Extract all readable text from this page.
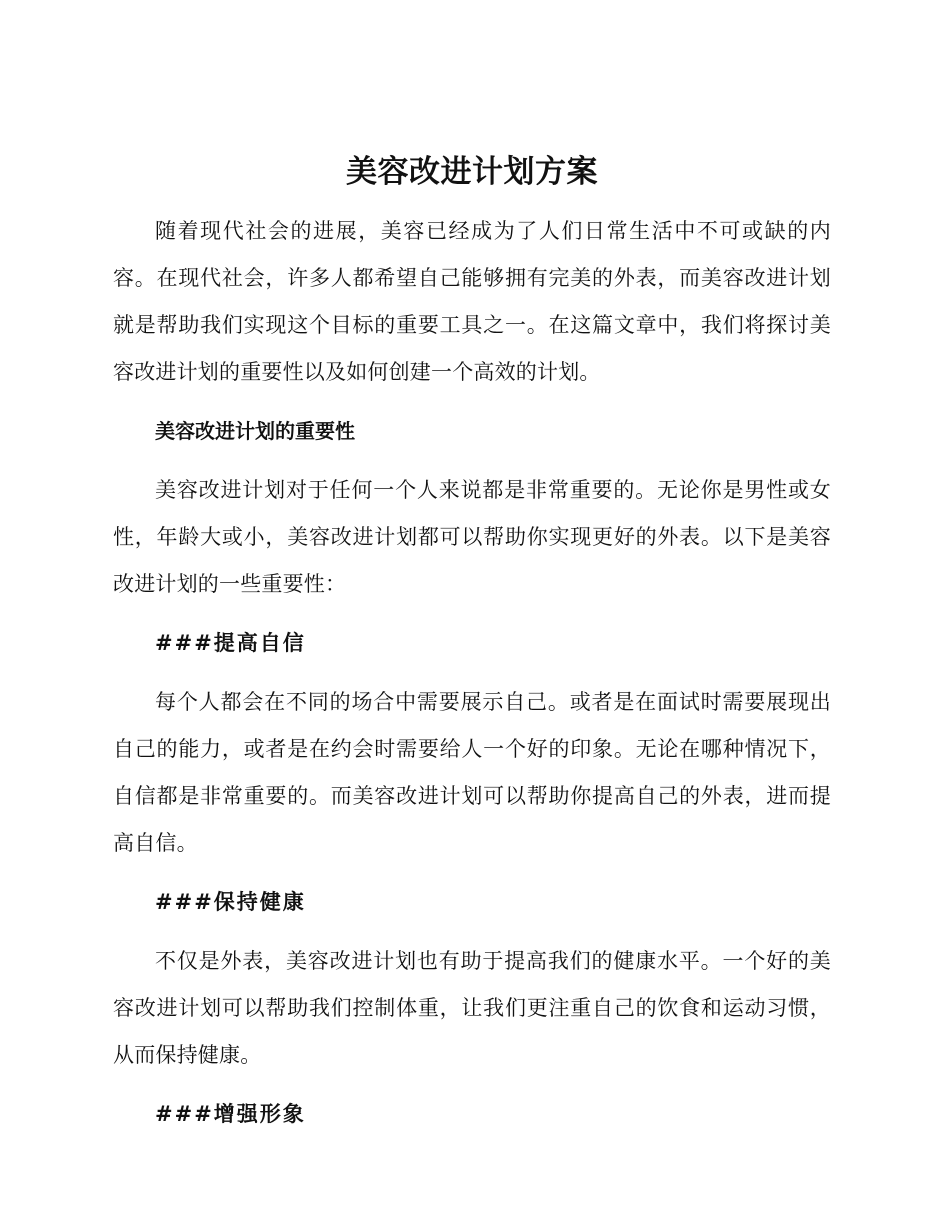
美容改进计划方案

随着现代社会的进展，美容已经成为了人们日常生活中不可或缺的内容。在现代社会，许多人都希望自己能够拥有完美的外表，而美容改进计划就是帮助我们实现这个目标的重要工具之一。在这篇文章中，我们将探讨美容改进计划的重要性以及如何创建一个高效的计划。

美容改进计划的重要性

美容改进计划对于任何一个人来说都是非常重要的。无论你是男性或女性，年龄大或小，美容改进计划都可以帮助你实现更好的外表。以下是美容改进计划的一些重要性：

###提高自信

每个人都会在不同的场合中需要展示自己。或者是在面试时需要展现出自己的能力，或者是在约会时需要给人一个好的印象。无论在哪种情况下，自信都是非常重要的。而美容改进计划可以帮助你提高自己的外表，进而提高自信。

###保持健康

不仅是外表，美容改进计划也有助于提高我们的健康水平。一个好的美容改进计划可以帮助我们控制体重，让我们更注重自己的饮食和运动习惯，从而保持健康。

###增强形象
